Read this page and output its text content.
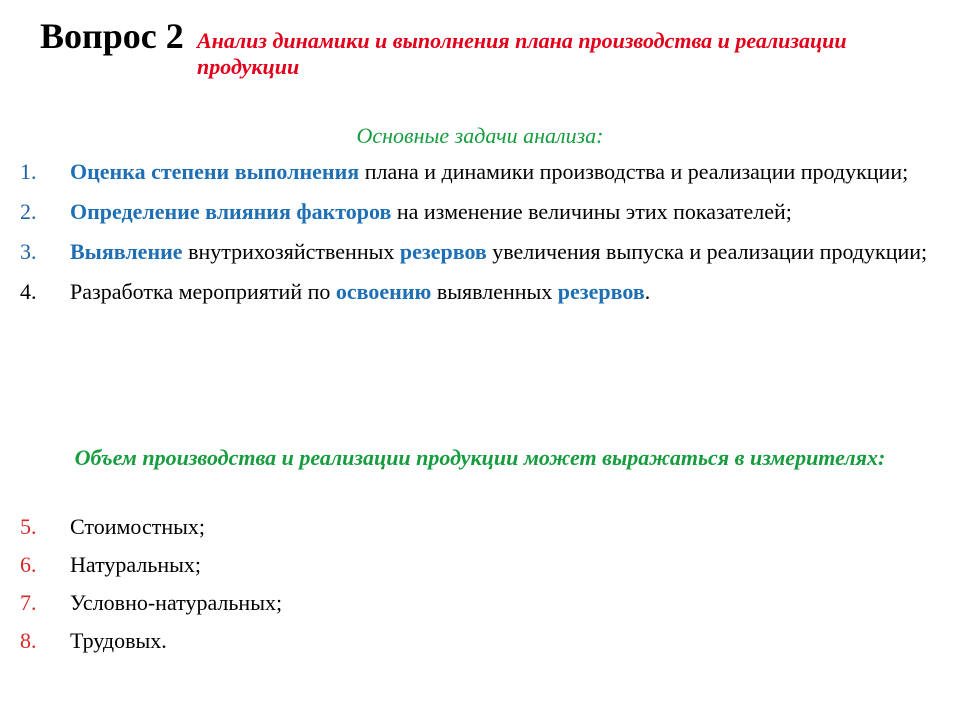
Вопрос 2 Анализ динамики и выполнения плана производства и реализации продукции
Основные задачи анализа:
1. Оценка степени выполнения плана и динамики производства и реализации продукции;
2. Определение влияния факторов на изменение величины этих показателей;
3. Выявление внутрихозяйственных резервов увеличения выпуска и реализации продукции;
4. Разработка мероприятий по освоению выявленных резервов.
Объем производства и реализации продукции может выражаться в измерителях:
5. Стоимостных;
6. Натуральных;
7. Условно-натуральных;
8. Трудовых.
